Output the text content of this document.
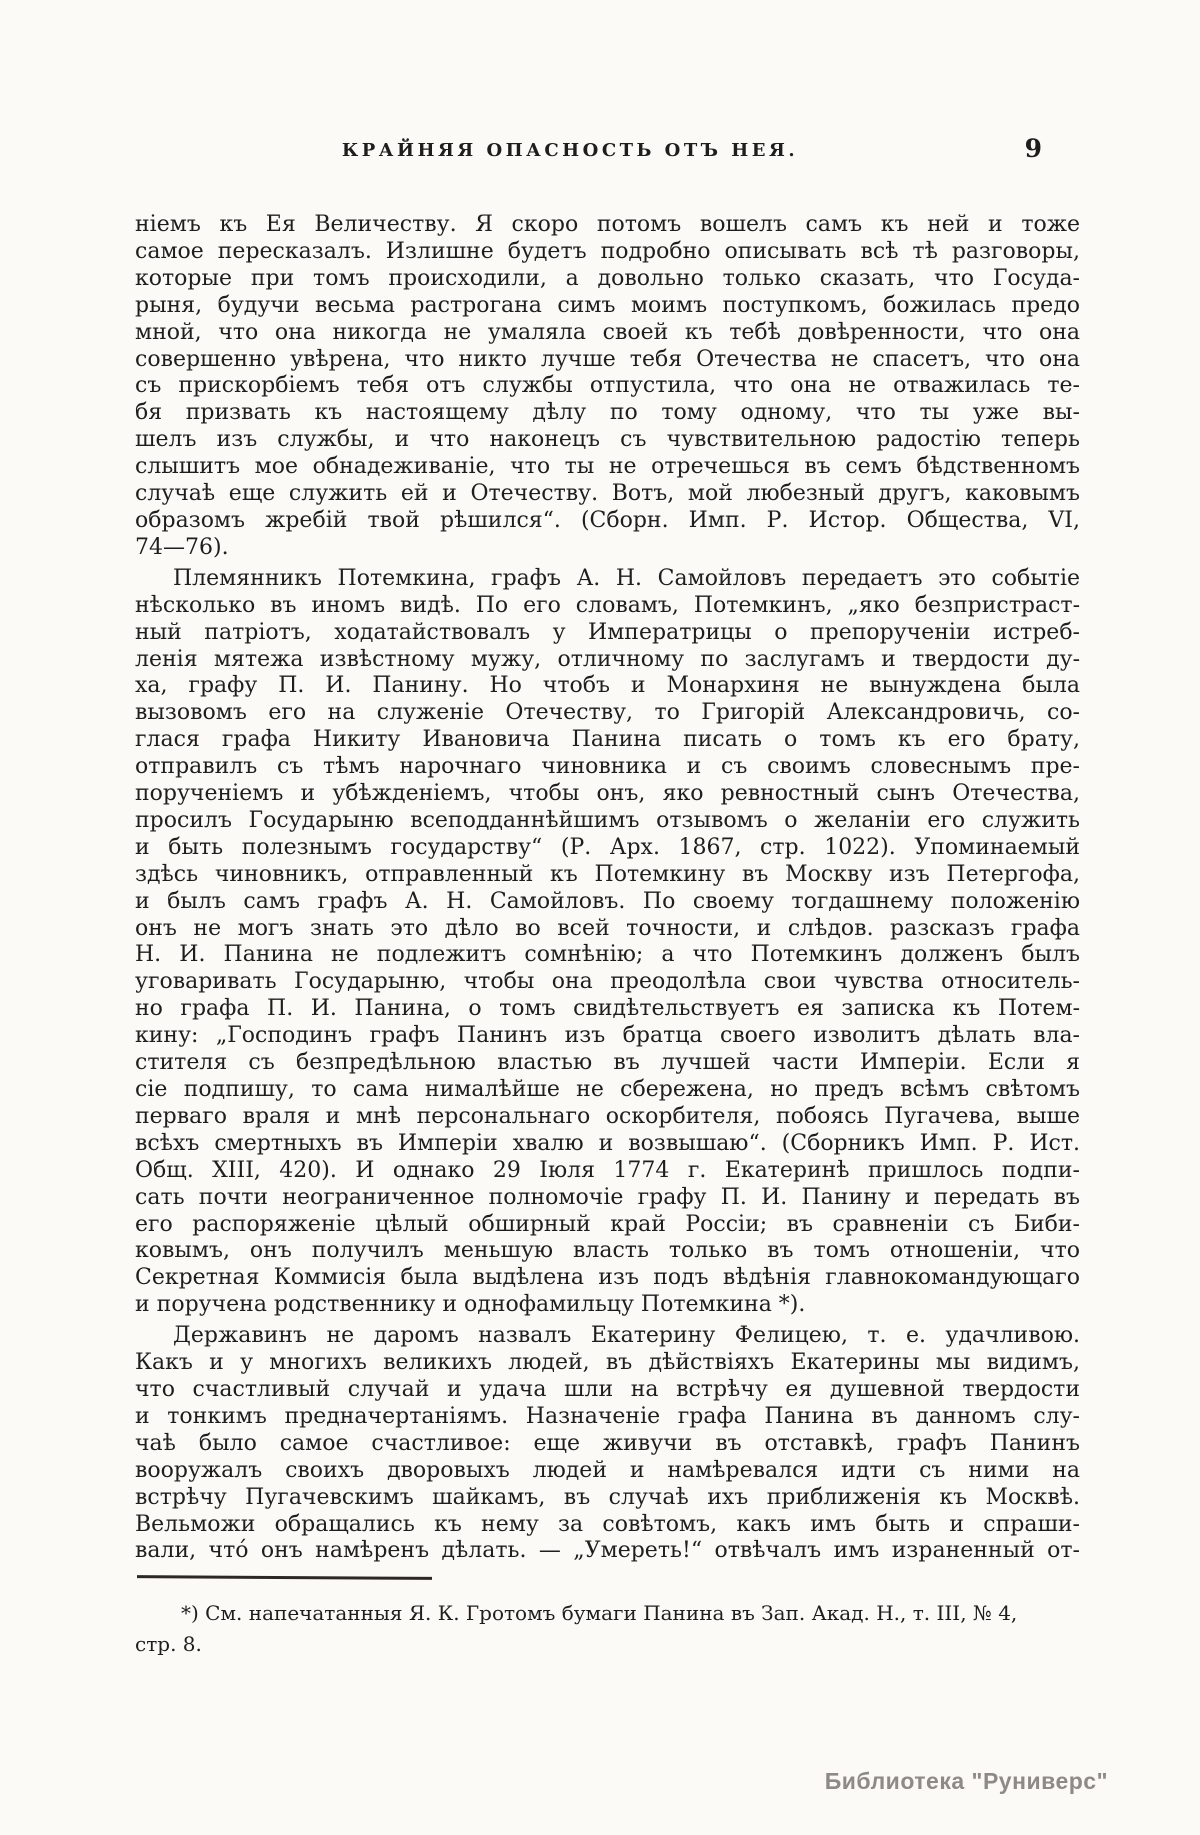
КРАЙНЯЯ ОПАСНОСТЬ ОТЪ НЕЯ.	9
ніемъ къ Ея Величеству. Я скоро потомъ вошелъ самъ къ ней и тоже
самое пересказалъ. Излишне будетъ подробно описывать всѣ тѣ разговоры,
которые при томъ происходили, а довольно только сказать, что Госуда-
рыня, будучи весьма растрогана симъ моимъ поступкомъ, божилась предо
мной, что она никогда не умаляла своей къ тебѣ довѣренности, что она
совершенно увѣрена, что никто лучше тебя Отечества не спасетъ, что она
съ прискорбіемъ тебя отъ службы отпустила, что она не отважилась те-
бя призвать къ настоящему дѣлу по тому одному, что ты уже вы-
шелъ изъ службы, и что наконецъ съ чувствительною радостію теперь
слышитъ мое обнадеживаніе, что ты не отречешься въ семъ бѣдственномъ
случаѣ еще служить ей и Отечеству. Вотъ, мой любезный другъ, каковымъ
образомъ жребій твой рѣшился“. (Сборн. Имп. Р. Истор. Общества, VI,
74—76).
Племянникъ Потемкина, графъ А. Н. Самойловъ передаетъ это событіе
нѣсколько въ иномъ видѣ. По его словамъ, Потемкинъ, „яко безпристраст-
ный патріотъ, ходатайствовалъ у Императрицы о препорученіи истреб-
ленія мятежа извѣстному мужу, отличному по заслугамъ и твердости ду-
ха, графу П. И. Панину. Но чтобъ и Монархиня не вынуждена была
вызовомъ его на служеніе Отечеству, то Григорій Александровичь, со-
глася графа Никиту Ивановича Панина писать о томъ къ его брату,
отправилъ съ тѣмъ нарочнаго чиновника и съ своимъ словеснымъ пре-
порученіемъ и убѣжденіемъ, чтобы онъ, яко ревностный сынъ Отечества,
просилъ Государыню всеподданнѣйшимъ отзывомъ о желаніи его служить
и быть полезнымъ государству“ (Р. Арх. 1867, стр. 1022). Упоминаемый
здѣсь чиновникъ, отправленный къ Потемкину въ Москву изъ Петергофа,
и былъ самъ графъ А. Н. Самойловъ. По своему тогдашнему положенію
онъ не могъ знать это дѣло во всей точности, и слѣдов. разсказъ графа
Н. И. Панина не подлежитъ сомнѣнію; а что Потемкинъ долженъ былъ
уговаривать Государыню, чтобы она преодолѣла свои чувства относитель-
но графа П. И. Панина, о томъ свидѣтельствуетъ ея записка къ Потем-
кину: „Господинъ графъ Панинъ изъ братца своего изволитъ дѣлать вла-
стителя съ безпредѣльною властью въ лучшей части Имперіи. Если я
сіе подпишу, то сама нималѣйше не сбережена, но предъ всѣмъ свѣтомъ
перваго враля и мнѣ персональнаго оскорбителя, побоясь Пугачева, выше
всѣхъ смертныхъ въ Имперіи хвалю и возвышаю“. (Сборникъ Имп. Р. Ист.
Общ. XIII, 420). И однако 29 Іюля 1774 г. Екатеринѣ пришлось подпи-
сать почти неограниченное полномочіе графу П. И. Панину и передать въ
его распоряженіе цѣлый обширный край Россіи; въ сравненіи съ Биби-
ковымъ, онъ получилъ меньшую власть только въ томъ отношеніи, что
Секретная Коммисія была выдѣлена изъ подъ вѣдѣнія главнокомандующаго
и поручена родственнику и однофамильцу Потемкина *).
Державинъ не даромъ назвалъ Екатерину Фелицею, т. е. удачливою.
Какъ и у многихъ великихъ людей, въ дѣйствіяхъ Екатерины мы видимъ,
что счастливый случай и удача шли на встрѣчу ея душевной твердости
и тонкимъ предначертаніямъ. Назначеніе графа Панина въ данномъ слу-
чаѣ было самое счастливое: еще живучи въ отставкѣ, графъ Панинъ
вооружалъ своихъ дворовыхъ людей и намѣревался идти съ ними на
встрѣчу Пугачевскимъ шайкамъ, въ случаѣ ихъ приближенія къ Москвѣ.
Вельможи обращались къ нему за совѣтомъ, какъ имъ быть и спраши-
вали, что́ онъ намѣренъ дѣлать. — „Умереть!“ отвѣчалъ имъ израненный от-
*) См. напечатанныя Я. К. Гротомъ бумаги Панина въ Зап. Акад. Н., т. III, № 4,
стр. 8.
Библиотека "Руниверс"
